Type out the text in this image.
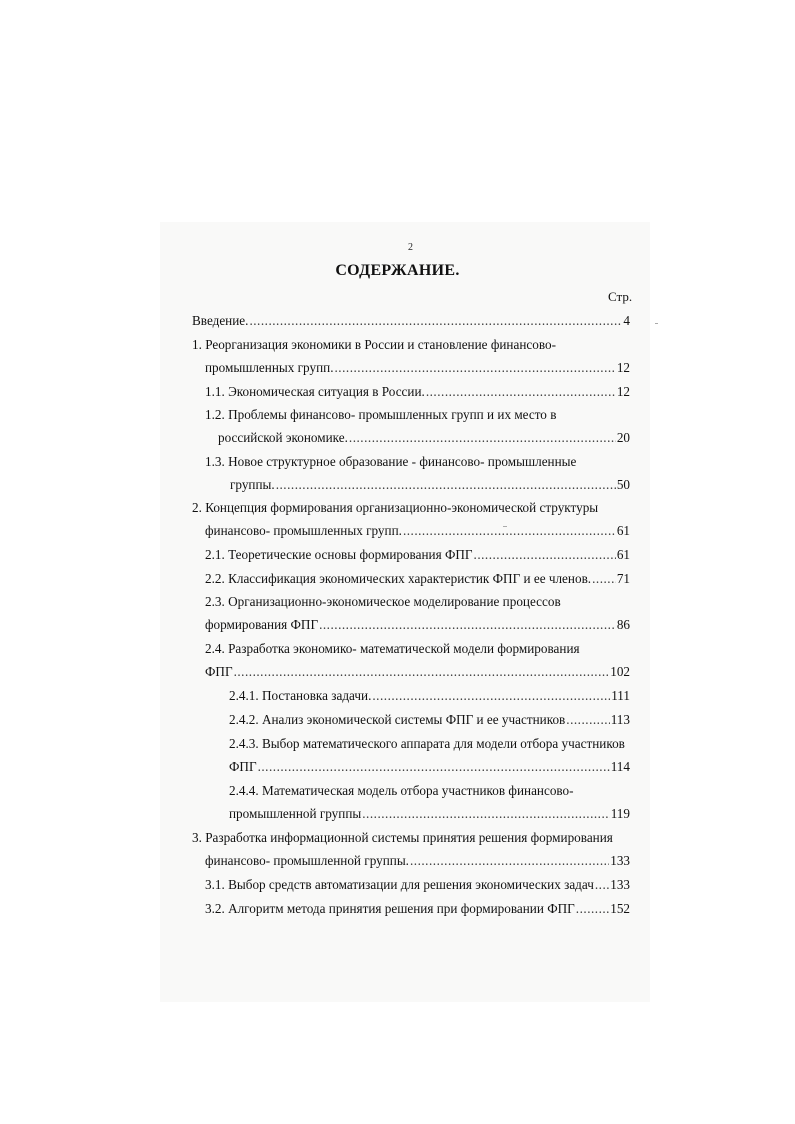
2
СОДЕРЖАНИЕ.
Стр.
Введение. .....	4
1. Реорганизация экономики в России и становление финансово-
промышленных групп. .....	12
1.1. Экономическая ситуация в России. .....	12
1.2. Проблемы финансово- промышленных групп и их место в
российской экономике. .....	20
1.3. Новое структурное образование - финансово- промышленные
группы. .....	50
2. Концепция формирования организационно-экономической структуры
финансово- промышленных групп. .....	61
2.1. Теоретические основы формирования ФПГ .....	61
2.2. Классификация экономических характеристик ФПГ и ее членов. ..... 71
2.3. Организационно-экономическое моделирование процессов
формирования ФПГ .....	86
2.4. Разработка экономико- математической модели формирования
ФПГ .....	102
2.4.1. Постановка задачи. .....	111
2.4.2. Анализ экономической системы ФПГ и ее участников .....	113
2.4.3. Выбор математического аппарата для модели отбора участников
ФПГ .....	114
2.4.4. Математическая модель отбора участников финансово-
промышленной группы .....	119
3. Разработка информационной системы принятия решения формирования
финансово- промышленной группы. .....	133
3.1. Выбор средств автоматизации для решения экономических задач ..... 133
3.2. Алгоритм метода принятия решения при формировании ФПГ .....	152
